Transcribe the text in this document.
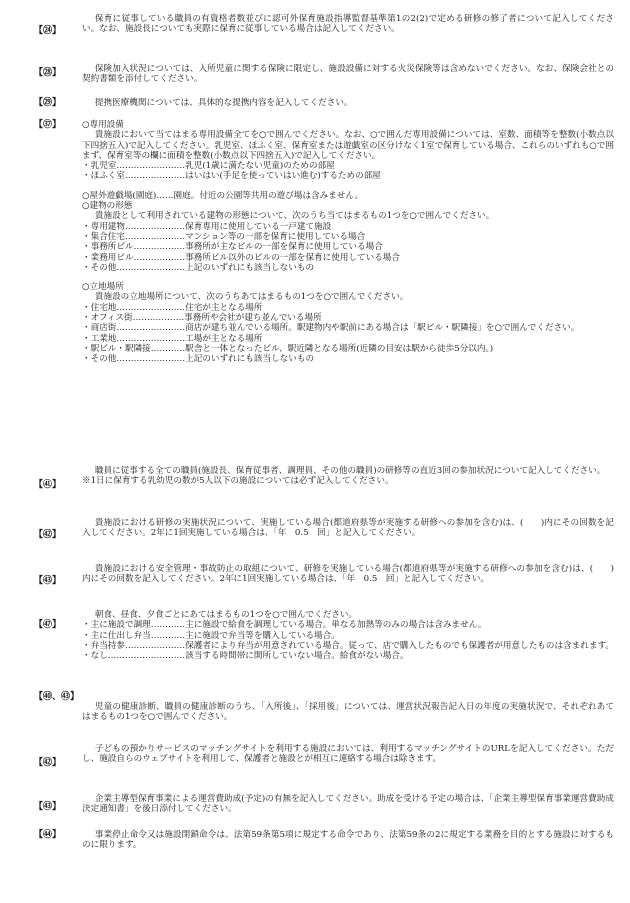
【㉔】

保育に従事している職員の有資格者数並びに認可外保育施設指導監督基準第1の2(2)で定める研修の修了者について記入してください。なお、施設長についても実際に保育に従事している場合は記入してください。

【㉘】	保険加入状況については、入所児童に関する保険に限定し、施設設備に対する火災保険等は含めないでください。なお、保険会社との契約書類を添付してください。

【㉙】	提携医療機関については、具体的な提携内容を記入してください。

【㊲】	○専用設備

貴施設において当てはまる専用設備全てを○で囲んでください。なお、○で囲んだ専用設備については、室数、面積等を整数(小数点以下四捨五入)で記入してください。乳児室、ほふく室、保育室または遊戯室の区分けなく1室で保育している場合、これらのいずれも○で囲まず、保育室等の欄に面積を整数(小数点以下四捨五入)で記入してください。

・乳児室……………………乳児(1歳に満たない児童)のための部屋

・ほふく室…………………はいはい(手足を使っていはい進む)するための部屋

○屋外遊戯場(園庭)……園庭。付近の公園等共用の遊び場は含みません。

○建物の形態

貴施設として利用されている建物の形態について、次のうち当てはまるもの1つを○で囲んでください。

・専用建物…………………保育専用に使用している一戸建て施設

・集合住宅…………………マンション等の一部を保育に使用している場合

・事務所ビル………………事務所が主なビルの一部を保育に使用している場合

・業務用ビル………………事務所ビル以外のビルの一部を保育に使用している場合

・その他……………………上記のいずれにも該当しないもの

○立地場所

貴施設の立地場所について、次のうちあてはまるもの1つを○で囲んでください。

・住宅地……………………住宅が主となる場所

・オフィス街………………事務所や会社が建ち並んでいる場所

・商店街……………………商店が建ち並んでいる場所。駅建物内や駅前にある場合は「駅ビル・駅隣接」を○で囲んでください。

・工業地……………………工場が主となる場所

・駅ビル・駅隣接…………駅舎と一体となったビル、駅近隣となる場所(近隣の目安は駅から徒歩5分以内。)

・その他……………………上記のいずれにも該当しないもの

【㊶】

職員に従事する全ての職員(施設長、保育従事者、調理員、その他の職員)の研修等の直近3回の参加状況について記入してください。

※1日に保育する乳幼児の数が5人以下の施設については必ず記入してください。

【㊷】

貴施設における研修の実施状況について、実施している場合(都道府県等が実施する研修への参加を含む)は、(　　)内にその回数を記入してください。2年に1回実施している場合は、「年　0.5　回」と記入してください。

【㊸】

貴施設における安全管理・事故防止の取組について、研修を実施している場合(都道府県等が実施する研修への参加を含む)は、(　　)内にその回数を記入してください。2年に1回実施している場合は、「年　0.5　回」と記入してください。

【㊼】

朝食、昼食、夕食ごとにあてはまるもの1つを○で囲んでください。

・主に施設で調理…………主に施設で給食を調理している場合。単なる加熱等のみの場合は含みません。

・主に仕出し弁当…………主に施設で弁当等を購入している場合。

・弁当持参…………………保護者により弁当が用意されている場合。従って、店で購入したものでも保護者が用意したものは含まれます。

・なし………………………該当する時間帯に開所していない場合。給食がない場合。

【㊵、㊸】

児童の健康診断、職員の健康診断のうち、「入所後」、「採用後」については、運営状況報告記入日の年度の実施状況で、それぞれあてはまるもの1つを○で囲んでください。

【㊷】

子どもの預かりサービスのマッチングサイトを利用する施設においては、利用するマッチングサイトのURLを記入してください。ただし、施設自らのウェブサイトを利用して、保護者と施設とが相互に連絡する場合は除きます。

【㊸】

企業主導型保育事業による運営費助成(予定)の有無を記入してください。助成を受ける予定の場合は、「企業主導型保育事業運営費助成決定通知書」を後日添付してください。

【㊹】	事業停止命令又は施設閉鎖命令は、法第59条第5項に規定する命令であり、法第59条の2に規定する業務を目的とする施設に対するものに限ります。
